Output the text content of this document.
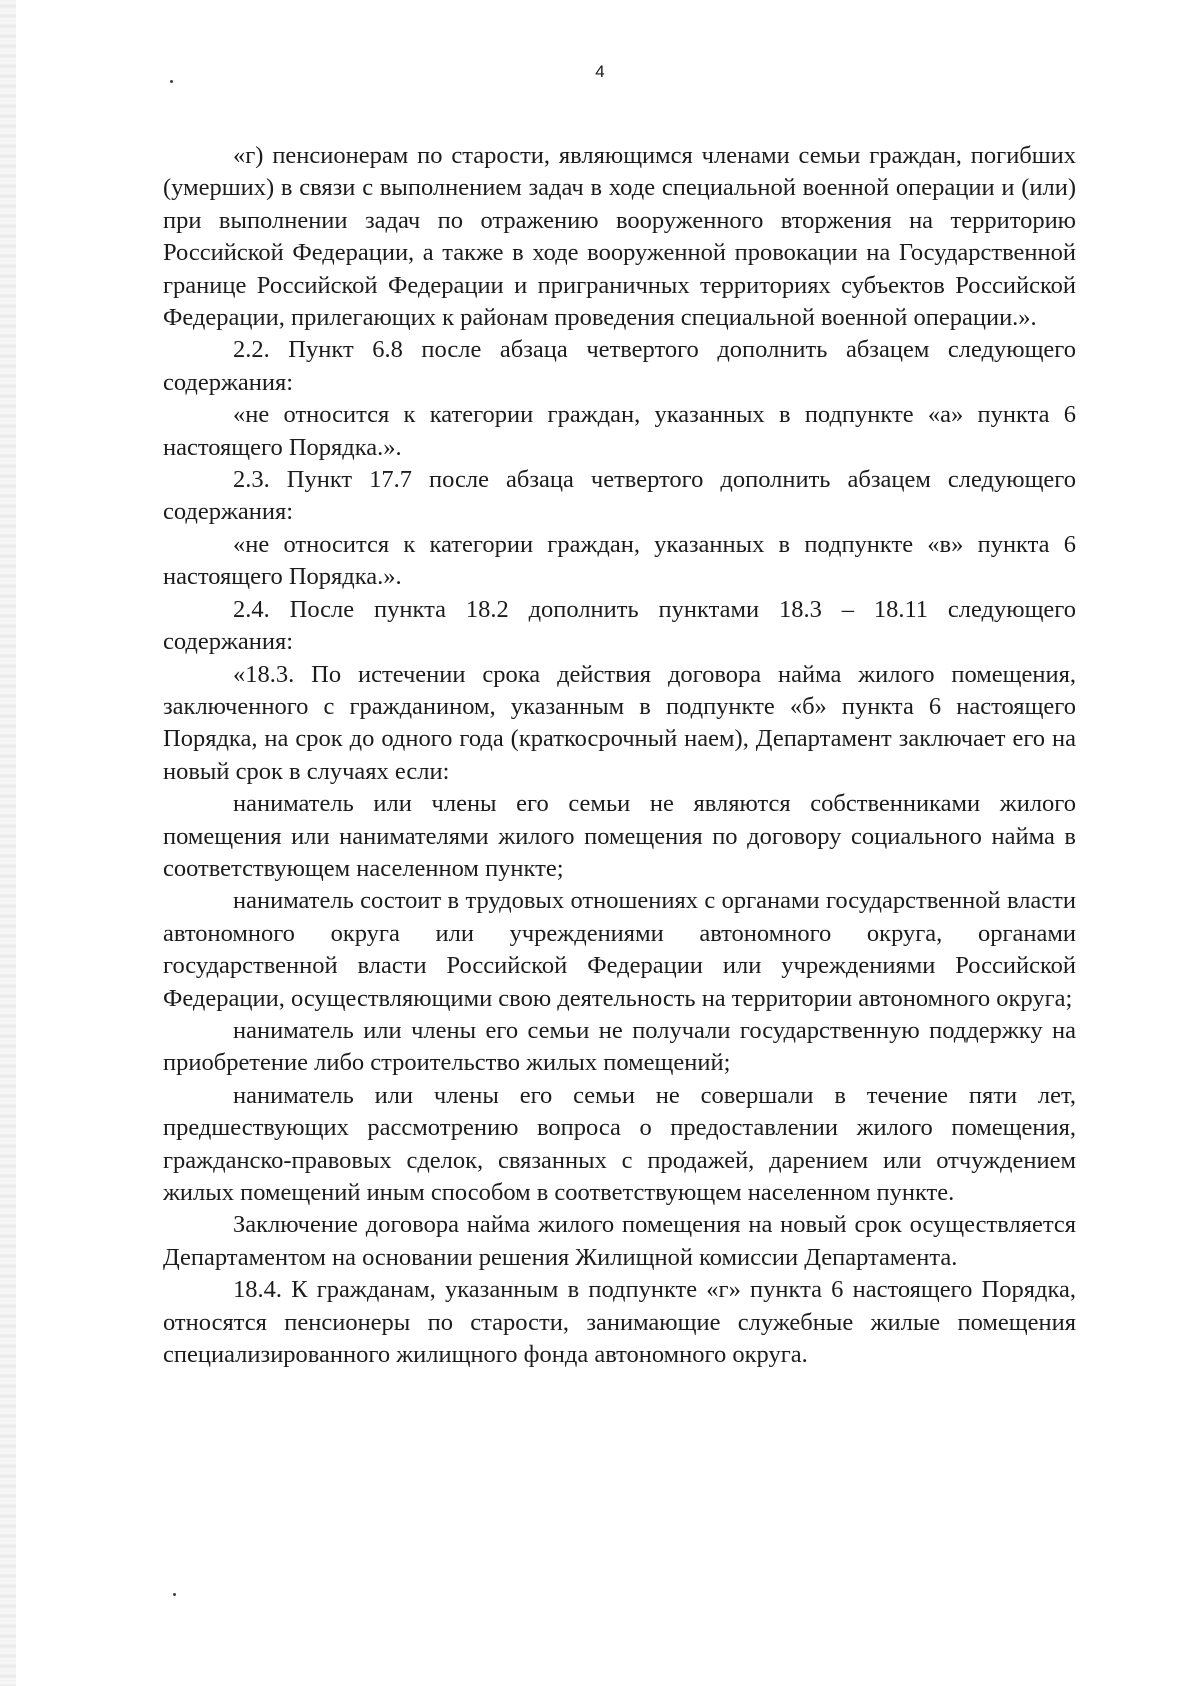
4

«г) пенсионерам по старости, являющимся членами семьи граждан, погибших (умерших) в связи с выполнением задач в ходе специальной военной операции и (или) при выполнении задач по отражению вооруженного вторжения на территорию Российской Федерации, а также в ходе вооруженной провокации на Государственной границе Российской Федерации и приграничных территориях субъектов Российской Федерации, прилегающих к районам проведения специальной военной операции.».

2.2. Пункт 6.8 после абзаца четвертого дополнить абзацем следующего содержания:

«не относится к категории граждан, указанных в подпункте «а» пункта 6 настоящего Порядка.».

2.3. Пункт 17.7 после абзаца четвертого дополнить абзацем следующего содержания:

«не относится к категории граждан, указанных в подпункте «в» пункта 6 настоящего Порядка.».

2.4. После пункта 18.2 дополнить пунктами 18.3 – 18.11 следующего содержания:

«18.3. По истечении срока действия договора найма жилого помещения, заключенного с гражданином, указанным в подпункте «б» пункта 6 настоящего Порядка, на срок до одного года (краткосрочный наем), Департамент заключает его на новый срок в случаях если:

наниматель или члены его семьи не являются собственниками жилого помещения или нанимателями жилого помещения по договору социального найма в соответствующем населенном пункте;

наниматель состоит в трудовых отношениях с органами государственной власти автономного округа или учреждениями автономного округа, органами государственной власти Российской Федерации или учреждениями Российской Федерации, осуществляющими свою деятельность на территории автономного округа;

наниматель или члены его семьи не получали государственную поддержку на приобретение либо строительство жилых помещений;

наниматель или члены его семьи не совершали в течение пяти лет, предшествующих рассмотрению вопроса о предоставлении жилого помещения, гражданско-правовых сделок, связанных с продажей, дарением или отчуждением жилых помещений иным способом в соответствующем населенном пункте.

Заключение договора найма жилого помещения на новый срок осуществляется Департаментом на основании решения Жилищной комиссии Департамента.

18.4. К гражданам, указанным в подпункте «г» пункта 6 настоящего Порядка, относятся пенсионеры по старости, занимающие служебные жилые помещения специализированного жилищного фонда автономного округа.
